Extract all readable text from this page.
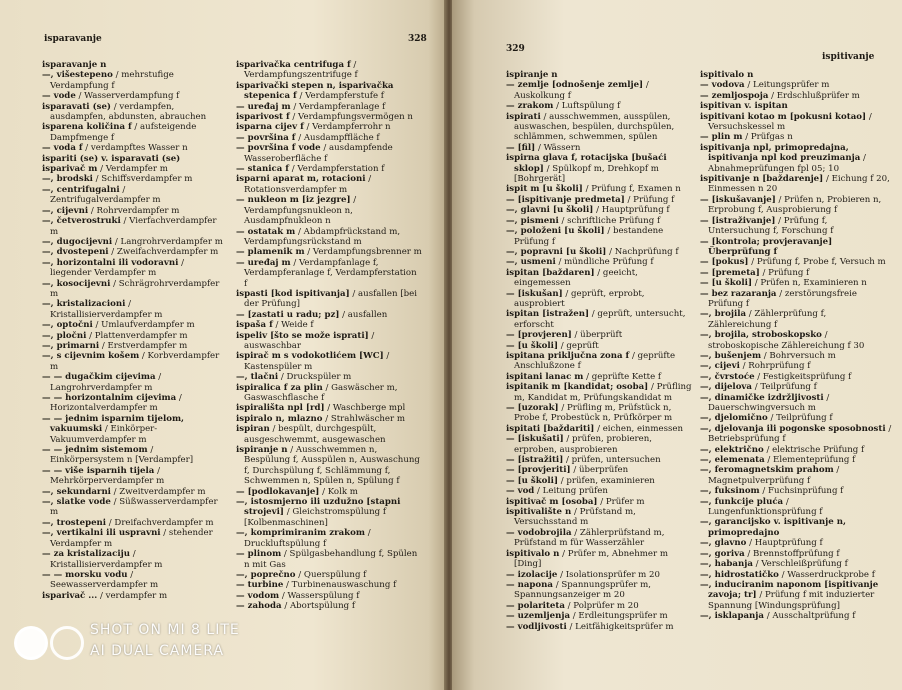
isparavanje	328

isparavanje n

—, višestepeno / mehrstufige Verdampfung f

— vode / Wasserverdampfung f

isparavati (se) / verdampfen, ausdampfen, abdunsten, abrauchen

isparena količina f / aufsteigende Dampfmenge f

— voda f / verdampftes Wasser n

ispariti (se) v. isparavati (se)

isparivač m / Verdampfer m

—, brodski / Schiffsverdampfer m

—, centrifugalni / Zentrifugalverdampfer m

—, cijevni / Rohrverdampfer m

—, četverostruki / Vierfachverdampfer m

—, dugocijevni / Langrohrverdampfer m

—, dvostepeni / Zweifachverdampfer m

—, horizontalni ili vodoravni / liegender Verdampfer m

—, kosocijevni / Schrägrohrverdampfer m

—, kristalizacioni / Kristallisierverdampfer m

—, optočni / Umlaufverdampfer m

—, pločni / Plattenverdampfer m

—, primarni / Erstverdampfer m

—, s cijevnim košem / Korbverdampfer m

— — dugačkim cijevima / Langrohrverdampfer m

— — horizontalnim cijevima / Horizontalverdampfer m

— — jednim isparnim tijelom, vakuumski / Einkörper-Vakuumverdampfer m

— — jednim sistemom / Einkörpersystem n [Verdampfer]

— — više isparnih tijela / Mehrkörperverdampfer m

—, sekundarni / Zweitverdampfer m

—, slatke vode / Süßwasserverdampfer m

—, trostepeni / Dreifachverdampfer m

—, vertikalni ili uspravni / stehender Verdampfer m

— za kristalizaciju / Kristallisierverdampfer m

— — morsku vodu / Seewasserverdampfer m

isparivač ... / verdampfer m

isparivačka centrifuga f / Verdampfungszentrifuge f

isparivački stepen n, isparivačka stepenica f / Verdampferstufe f

— uređaj m / Verdampferanlage f

isparivost f / Verdampfungsvermögen n

isparna cijev f / Verdampferrohr n

— površina f / Ausdampffläche f

— površina f vode / ausdampfende Wasseroberfläche f

— stanica f / Verdampferstation f

isparni aparat m, rotacioni / Rotationsverdampfer m

— nukleon m [iz jezgre] / Verdampfungsnukleon n, Ausdampfnukleon n

— ostatak m / Abdampfrückstand m, Verdampfungsrückstand m

— plamenik m / Verdampfungsbrenner m

— uređaj m / Verdampfanlage f, Verdampferanlage f, Verdampferstation f

ispasti [kod ispitivanja] / ausfallen [bei der Prüfung]

— [zastati u radu; pz] / ausfallen

ispaša f / Weide f

ispeliv [što se može isprati] / auswaschbar

ispirač m s vodokotlićem [WC] / Kastenspüler m

—, tlačni / Druckspüler m

ispiralica f za plin / Gaswäscher m, Gaswaschflasche f

ispirališta npl [rd] / Waschberge mpl

ispiralo n, mlazno / Strahlwäscher m

ispiran / bespült, durchgespült, ausgeschwemmt, ausgewaschen

ispiranje n / Ausschwemmen n, Bespülung f, Ausspülen n, Auswaschung f, Durchspülung f, Schlämmung f, Schwemmen n, Spülen n, Spülung f

— [podlokavanje] / Kolk m

—, istosmjerno ili uzdužno [stapni strojevi] / Gleichstromspülung f [Kolbenmaschinen]

—, komprimiranim zrakom / Druckluftspülung f

— plinom / Spülgasbehandlung f, Spülen n mit Gas

—, poprečno / Querspülung f

— turbine / Turbinenauswaschung f

— vodom / Wasserspülung f

— zahoda / Abortspülung f

329
ispitivanje

ispiranje n

— zemlje [odnošenje zemlje] / Auskolkung f

— zrakom / Luftspülung f

ispirati / ausschwemmen, ausspülen, auswaschen, bespülen, durchspülen, schlämmen, schwemmen, spülen

— [fil] / Wässern

ispirna glava f, rotacijska [bušaći sklop] / Spülkopf m, Drehkopf m [Bohrgerät]

ispit m [u školi] / Prüfung f, Examen n

— [ispitivanje predmeta] / Prüfung f

—, glavni [u školi] / Hauptprüfung f

—, pismeni / schriftliche Prüfung f

—, položeni [u školi] / bestandene Prüfung f

—, popravni [u školi] / Nachprüfung f

—, usmeni / mündliche Prüfung f

ispitan [baždaren] / geeicht, eingemessen

— [iskušan] / geprüft, erprobt, ausprobiert

ispitan [istražen] / geprüft, untersucht, erforscht

— [provjeren] / überprüft

— [u školi] / geprüft

ispitana priključna zona f / geprüfte Anschlußzone f

ispitani lanac m / geprüfte Kette f

ispitanik m [kandidat; osoba] / Prüfling m, Kandidat m, Prüfungskandidat m

— [uzorak] / Prüfling m, Prüfstück n, Probe f, Probestück n, Prüfkörper m

ispitati [baždariti] / eichen, einmessen

— [iskušati] / prüfen, probieren, erproben, ausprobieren

— [istražiti] / prüfen, untersuchen

— [provjeriti] / überprüfen

— [u školi] / prüfen, examinieren

— vod / Leitung prüfen

ispitivač m [osoba] / Prüfer m

ispitivalište n / Prüfstand m, Versuchsstand m

— vodobrojila / Zählerprüfstand m, Prüfstand m für Wasserzähler

ispitivalo n / Prüfer m, Abnehmer m [Ding]

— izolacije / Isolationsprüfer m 20

— napona / Spannungsprüfer m, Spannungsanzeiger m 20

— polariteta / Polprüfer m 20

— uzemljenja / Erdleitungsprüfer m

— vodljivosti / Leitfähigkeitsprüfer m

ispitivalo n

— vodova / Leitungsprüfer m

— zemljospoja / Erdschlußprüfer m

ispitivan v. ispitan

ispitivani kotao m [pokusni kotao] / Versuchskessel m

— plin m / Prüfgas n

ispitivanja npl, primopredajna, ispitivanja npl kod preuzimanja / Abnahmeprüfungen fpl 05; 10

ispitivanje n [baždarenje] / Eichung f 20, Einmessen n 20

— [iskušavanje] / Prüfen n, Probieren n, Erprobung f, Ausprobierung f

— [istraživanje] / Prüfung f, Untersuchung f, Forschung f

— [kontrola; provjeravanje] Überprüfung f

— [pokus] / Prüfung f, Probe f, Versuch m

— [premeta] / Prüfung f

— [u školi] / Prüfen n, Examinieren n

— bez razaranja / zerstörungsfreie Prüfung f

—, brojila / Zählerprüfung f, Zählereichung f

—, brojila, stroboskopsko / stroboskopische Zählereichung f 30

—, bušenjem / Bohrversuch m

—, cijevi / Rohrprüfung f

—, čvrstoće / Festigkeitsprüfung f

—, dijelova / Teilprüfung f

—, dinamičke izdržljivosti / Dauerschwingversuch m

—, djelomično / Teilprüfung f

—, djelovanja ili pogonske sposobnosti / Betriebsprüfung f

—, električno / elektrische Prüfung f

—, elemenata / Elementeprüfung f

—, feromagnetskim prahom / Magnetpulverprüfung f

—, fuksinom / Fuchsinprüfung f

—, funkcije pluća / Lungenfunktionsprüfung f

—, garancijsko v. ispitivanje n, primopredajno

—, glavno / Hauptprüfung f

—, goriva / Brennstoffprüfung f

—, habanja / Verschleißprüfung f

—, hidrostatičko / Wasserdruckprobe f

—, induciranim naponom [ispitivanje zavoja; tr] / Prüfung f mit induzierter Spannung [Windungsprüfung]

—, isklapanja / Ausschaltprüfung f

SHOT ON MI 8 LITE
AI DUAL CAMERA
